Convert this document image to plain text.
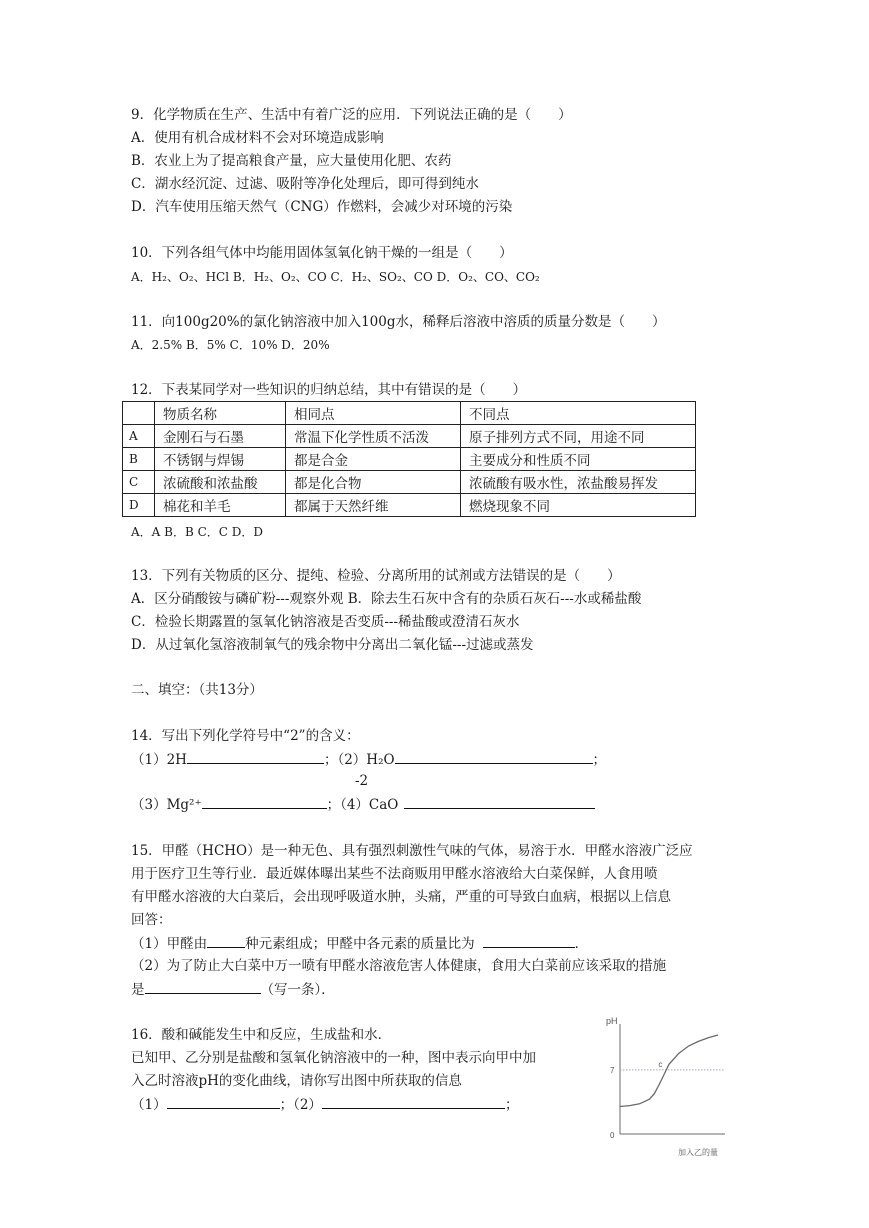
9．化学物质在生产、生活中有着广泛的应用．下列说法正确的是（　　）
A．使用有机合成材料不会对环境造成影响
B．农业上为了提高粮食产量，应大量使用化肥、农药
C．湖水经沉淀、过滤、吸附等净化处理后，即可得到纯水
D．汽车使用压缩天然气（CNG）作燃料，会减少对环境的污染
10．下列各组气体中均能用固体氢氧化钠干燥的一组是（　　）
A．H₂、O₂、HCl B．H₂、O₂、CO C．H₂、SO₂、CO D．O₂、CO、CO₂
11．向100g20%的氯化钠溶液中加入100g水，稀释后溶液中溶质的质量分数是（　　）
A．2.5% B．5% C．10% D．20%
12．下表某同学对一些知识的归纳总结，其中有错误的是（　　）
	物质名称	相同点	不同点
A	金刚石与石墨	常温下化学性质不活泼	原子排列方式不同，用途不同
B	不锈钢与焊锡	都是合金	主要成分和性质不同
C	浓硫酸和浓盐酸	都是化合物	浓硫酸有吸水性，浓盐酸易挥发
D	棉花和羊毛	都属于天然纤维	燃烧现象不同
A．A B．B C．C D．D
13．下列有关物质的区分、提纯、检验、分离所用的试剂或方法错误的是（　　）
A．区分硝酸铵与磷矿粉---观察外观 B．除去生石灰中含有的杂质石灰石---水或稀盐酸
C．检验长期露置的氢氧化钠溶液是否变质---稀盐酸或澄清石灰水
D．从过氧化氢溶液制氧气的残余物中分离出二氧化锰---过滤或蒸发
二、填空：（共13分）
14．写出下列化学符号中“2”的含义：
（1）2H	；（2）H₂O	；
-2
（3）Mg²⁺	；（4）CaO
15．甲醛（HCHO）是一种无色、具有强烈刺激性气味的气体，易溶于水．甲醛水溶液广泛应
用于医疗卫生等行业．最近媒体曝出某些不法商贩用甲醛水溶液给大白菜保鲜，人食用喷
有甲醛水溶液的大白菜后，会出现呼吸道水肿，头痛，严重的可导致白血病，根据以上信息
回答：
（1）甲醛由	种元素组成；甲醛中各元素的质量比为	．
（2）为了防止大白菜中万一喷有甲醛水溶液危害人体健康，食用大白菜前应该采取的措施
是	（写一条）．
16．酸和碱能发生中和反应，生成盐和水．
已知甲、乙分别是盐酸和氢氧化钠溶液中的一种，图中表示向甲中加
入乙时溶液pH的变化曲线，请你写出图中所获取的信息
（1）	；（2）	；
pH
0
加入乙的量
7
c
